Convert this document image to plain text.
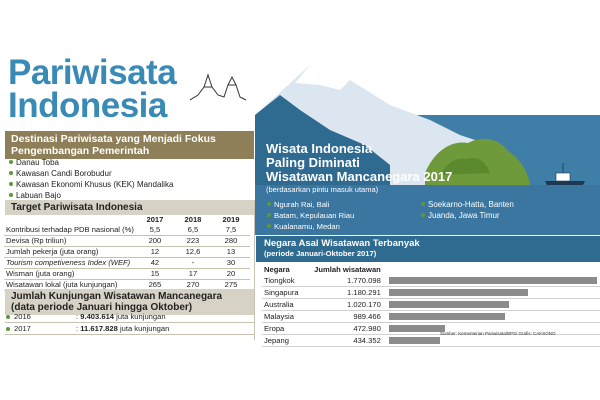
Pariwisata
Indonesia
Wisata Indonesia
Paling Diminati
Wisatawan Mancanegara 2017
(berdasarkan pintu masuk utama)
Ngurah Rai, Bali
Batam, Kepulauan Riau
Kualanamu, Medan
Soekarno-Hatta, Banten
Juanda, Jawa Timur
Negara Asal Wisatawan Terbanyak
(periode Januari-Oktober 2017)
Negara	Jumlah wisatawan	
Tiongkok	1.770.098	

Singapura	1.180.291	

Australia	1.020.170	

Malaysia	989.466	

Eropa	472.980	

Jepang	434.352	
Sumber: Kementerian Pariwisata/BPS/ Grafis: CAKSONO
Destinasi Pariwisata yang Menjadi Fokus Pengembangan Pemerintah
Danau Toba
Kawasan Candi Borobudur
Kawasan Ekonomi Khusus (KEK) Mandalika
Labuan Bajo
Target Pariwisata Indonesia
	2017	2018	2019
Kontribusi terhadap PDB nasional (%)	5,5	6,5	7,5
Devisa (Rp triliun)	200	223	280
Jumlah pekerja (juta orang)	12	12,6	13
Tourism competiveness Index (WEF)	42	-	30
Wisman (juta orang)	15	17	20
Wisatawan lokal (juta kunjungan)	265	270	275
Jumlah Kunjungan Wisatawan Mancanegara (data periode Januari hingga Oktober)
2016	: 9.403.614 juta kunjungan
2017	: 11.617.828 juta kunjungan
